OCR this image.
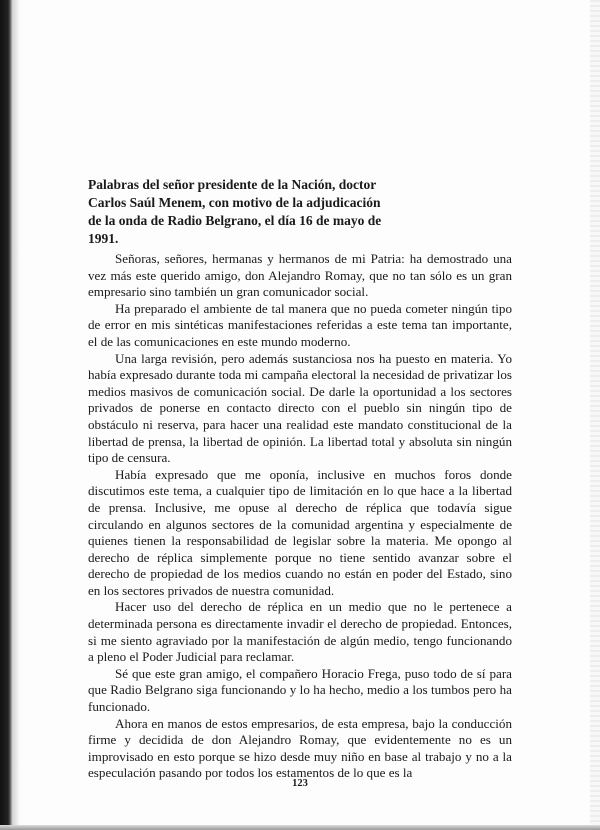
Palabras del señor presidente de la Nación, doctor Carlos Saúl Menem, con motivo de la adjudicación de la onda de Radio Belgrano, el día 16 de mayo de 1991.

Señoras, señores, hermanas y hermanos de mi Patria: ha demostrado una vez más este querido amigo, don Alejandro Romay, que no tan sólo es un gran empresario sino también un gran comunicador social.

Ha preparado el ambiente de tal manera que no pueda cometer ningún tipo de error en mis sintéticas manifestaciones referidas a este tema tan importante, el de las comunicaciones en este mundo moderno.

Una larga revisión, pero además sustanciosa nos ha puesto en materia. Yo había expresado durante toda mi campaña electoral la necesidad de privatizar los medios masivos de comunicación social. De darle la oportunidad a los sectores privados de ponerse en contacto directo con el pueblo sin ningún tipo de obstáculo ni reserva, para hacer una realidad este mandato constitucional de la libertad de prensa, la libertad de opinión. La libertad total y absoluta sin ningún tipo de censura.

Había expresado que me oponía, inclusive en muchos foros donde discutimos este tema, a cualquier tipo de limitación en lo que hace a la libertad de prensa. Inclusive, me opuse al derecho de réplica que todavía sigue circulando en algunos sectores de la comunidad argentina y especialmente de quienes tienen la responsabilidad de legislar sobre la materia. Me opongo al derecho de réplica simplemente porque no tiene sentido avanzar sobre el derecho de propiedad de los medios cuando no están en poder del Estado, sino en los sectores privados de nuestra comunidad.

Hacer uso del derecho de réplica en un medio que no le pertenece a determinada persona es directamente invadir el derecho de propiedad. Entonces, si me siento agraviado por la manifestación de algún medio, tengo funcionando a pleno el Poder Judicial para reclamar.

Sé que este gran amigo, el compañero Horacio Frega, puso todo de sí para que Radio Belgrano siga funcionando y lo ha hecho, medio a los tumbos pero ha funcionado.

Ahora en manos de estos empresarios, de esta empresa, bajo la conducción firme y decidida de don Alejandro Romay, que evidentemente no es un improvisado en esto porque se hizo desde muy niño en base al trabajo y no a la especulación pasando por todos los estamentos de lo que es la

123
